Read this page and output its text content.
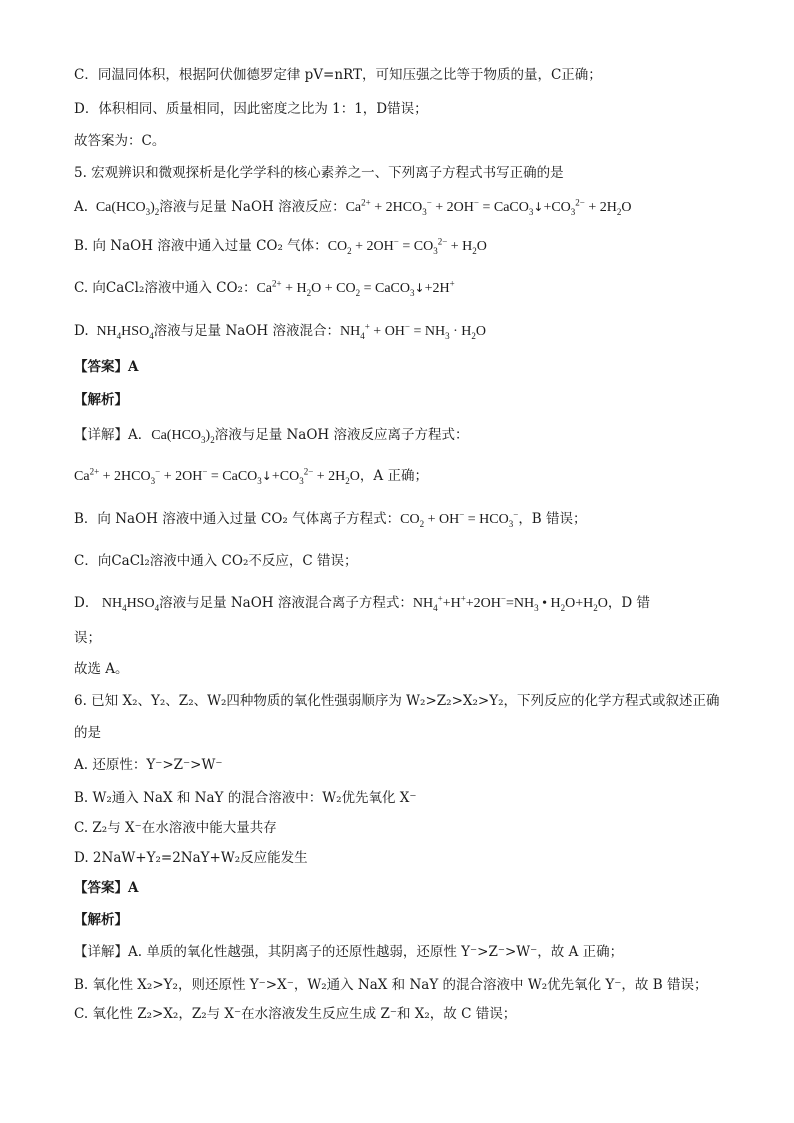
C．同温同体积，根据阿伏伽德罗定律 pV=nRT，可知压强之比等于物质的量，C正确；
D．体积相同、质量相同，因此密度之比为 1：1，D错误；
故答案为：C。
5. 宏观辨识和微观探析是化学学科的核心素养之一、下列离子方程式书写正确的是
A.  $Ca(HCO_3)_2$溶液与足量 NaOH 溶液反应：$Ca^{2+} + 2HCO_3^- + 2OH^-$ = $CaCO_3↓+CO_3^{2-} + 2H_2O$
B. 向 NaOH 溶液中通入过量 CO₂ 气体：$CO_2 + 2OH^- = CO_3^{2-} + H_2O$
C. 向CaCl₂溶液中通入 CO₂：$Ca^{2+} + H_2O + CO_2$ = CaCO$_3$↓+2H+
D.  $NH_4HSO_4$溶液与足量 NaOH 溶液混合：$NH_4^+ + OH^- = NH_3 \cdot H_2O$
【答案】A
【解析】
【详解】A．$Ca(HCO_3)_2$溶液与足量 NaOH 溶液反应离子方程式：
$Ca^{2+} + 2HCO_3^- + 2OH^-$ = $CaCO_3↓+CO_3^{2-} + 2H_2O$，A 正确；
B．向 NaOH 溶液中通入过量 CO₂ 气体离子方程式：$CO_2 + OH^- = HCO_3^-$，B 错误；
C．向CaCl₂溶液中通入 CO₂不反应，C 错误；
D． $NH_4HSO_4$溶液与足量 NaOH 溶液混合离子方程式：$NH_4^++H^++2OH^-=NH_3$ • $H_2O+H_2O$，D 错
误；
故选 A。
6. 已知 X₂、Y₂、Z₂、W₂四种物质的氧化性强弱顺序为 W₂>Z₂>X₂>Y₂，下列反应的化学方程式或叙述正确
的是
A. 还原性：Y⁻>Z⁻>W⁻
B. W₂通入 NaX 和 NaY 的混合溶液中：W₂优先氧化 X⁻
C. Z₂与 X⁻在水溶液中能大量共存
D. 2NaW+Y₂=2NaY+W₂反应能发生
【答案】A
【解析】
【详解】A. 单质的氧化性越强，其阴离子的还原性越弱，还原性 Y⁻>Z⁻>W⁻，故 A 正确；
B. 氧化性 X₂>Y₂，则还原性 Y⁻>X⁻，W₂通入 NaX 和 NaY 的混合溶液中 W₂优先氧化 Y⁻，故 B 错误；
C. 氧化性 Z₂>X₂，Z₂与 X⁻在水溶液发生反应生成 Z⁻和 X₂，故 C 错误；
